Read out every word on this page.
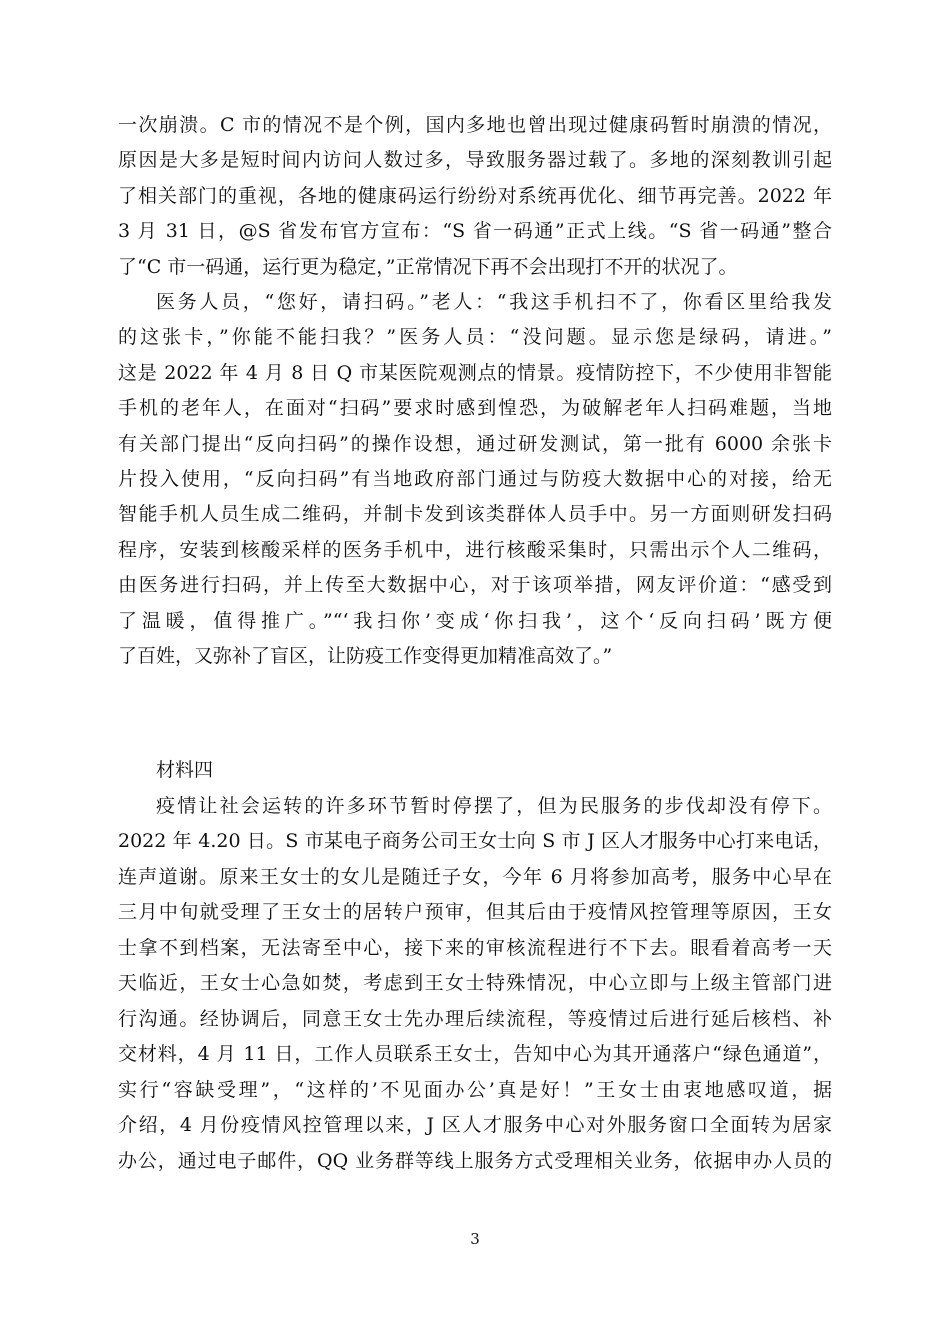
一次崩溃。C 市的情况不是个例，国内多地也曾出现过健康码暂时崩溃的情况，
原因是大多是短时间内访问人数过多，导致服务器过载了。多地的深刻教训引起
了相关部门的重视，各地的健康码运行纷纷对系统再优化、细节再完善。2022 年
3 月 31 日，@S 省发布官方宣布：“S 省一码通”正式上线。“S 省一码通”整合
了“C 市一码通，运行更为稳定，”正常情况下再不会出现打不开的状况了。
医务人员，“您好，请扫码。”老人：“我这手机扫不了，你看区里给我发
的这张卡，”你能不能扫我？”医务人员：“没问题。显示您是绿码，请进。”
这是 2022 年 4 月 8 日 Q 市某医院观测点的情景。疫情防控下，不少使用非智能
手机的老年人，在面对“扫码”要求时感到惶恐，为破解老年人扫码难题，当地
有关部门提出“反向扫码”的操作设想，通过研发测试，第一批有 6000 余张卡
片投入使用，“反向扫码”有当地政府部门通过与防疫大数据中心的对接，给无
智能手机人员生成二维码，并制卡发到该类群体人员手中。另一方面则研发扫码
程序，安装到核酸采样的医务手机中，进行核酸采集时，只需出示个人二维码，
由医务进行扫码，并上传至大数据中心，对于该项举措，网友评价道：“感受到
了温暖，值得推广。”“‘我扫你’变成‘你扫我’，这个‘反向扫码’既方便
了百姓，又弥补了盲区，让防疫工作变得更加精准高效了。”
材料四
疫情让社会运转的许多环节暂时停摆了，但为民服务的步伐却没有停下。
2022 年 4.20 日。S 市某电子商务公司王女士向 S 市 J 区人才服务中心打来电话，
连声道谢。原来王女士的女儿是随迁子女，今年 6 月将参加高考，服务中心早在
三月中旬就受理了王女士的居转户预审，但其后由于疫情风控管理等原因，王女
士拿不到档案，无法寄至中心，接下来的审核流程进行不下去。眼看着高考一天
天临近，王女士心急如焚，考虑到王女士特殊情况，中心立即与上级主管部门进
行沟通。经协调后，同意王女士先办理后续流程，等疫情过后进行延后核档、补
交材料，4 月 11 日，工作人员联系王女士，告知中心为其开通落户“绿色通道”，
实行“容缺受理”，“这样的’不见面办公’真是好！”王女士由衷地感叹道，据
介绍，4 月份疫情风控管理以来，J 区人才服务中心对外服务窗口全面转为居家
办公，通过电子邮件，QQ 业务群等线上服务方式受理相关业务，依据申办人员的
3
